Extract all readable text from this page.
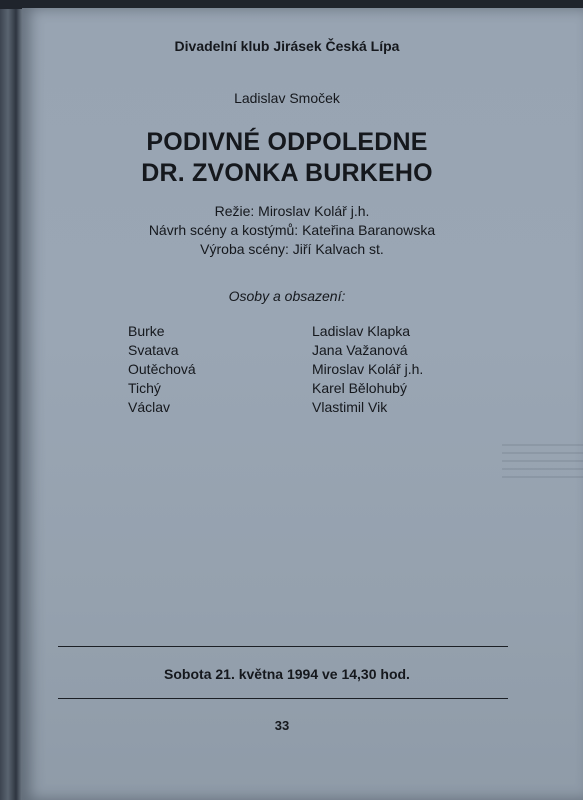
Divadelní klub Jirásek Česká Lípa
Ladislav Smoček
PODIVNÉ ODPOLEDNE
DR. ZVONKA BURKEHO
Režie: Miroslav Kolář j.h.
Návrh scény a kostýmů: Kateřina Baranowska
Výroba scény: Jiří Kalvach st.
Osoby a obsazení:
Burke	Ladislav Klapka
Svatava	Jana Važanová
Outěchová	Miroslav Kolář j.h.
Tichý	Karel Bělohubý
Václav	Vlastimil Vik
Sobota 21. května 1994 ve 14,30 hod.
33
